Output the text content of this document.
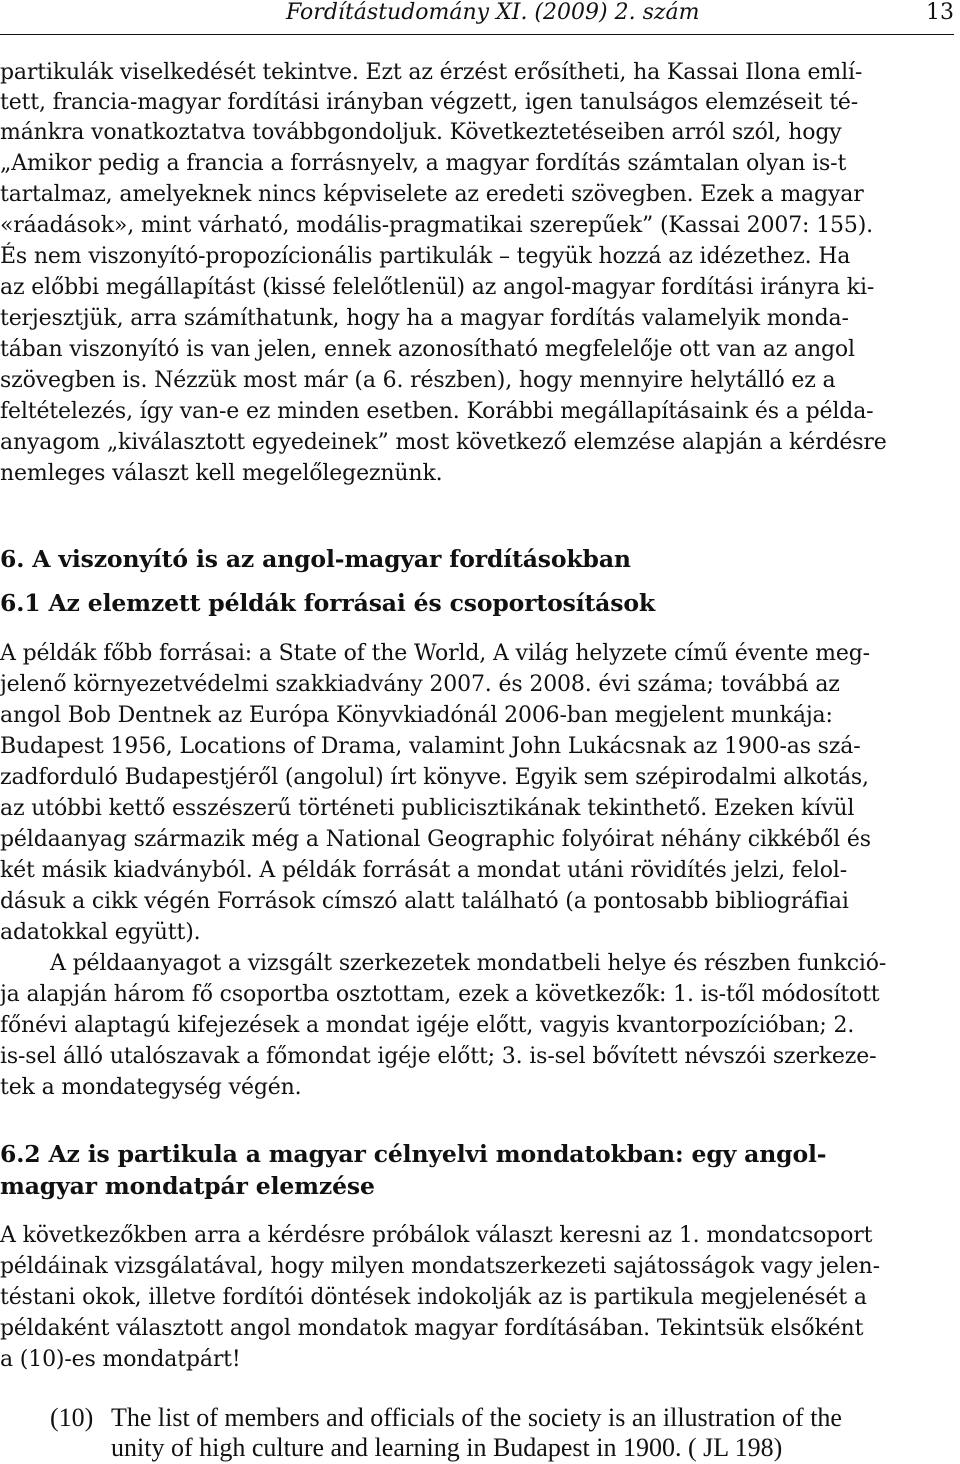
Fordítástudomány XI. (2009) 2. szám	13
partikulák viselkedését tekintve. Ezt az érzést erősítheti, ha Kassai Ilona emlí-
tett, francia-magyar fordítási irányban végzett, igen tanulságos elemzéseit té-
mánkra vonatkoztatva továbbgondoljuk. Következtetéseiben arról szól, hogy
„Amikor pedig a francia a forrásnyelv, a magyar fordítás számtalan olyan is-t
tartalmaz, amelyeknek nincs képviselete az eredeti szövegben. Ezek a magyar
«ráadások», mint várható, modális-pragmatikai szerepűek” (Kassai 2007: 155).
És nem viszonyító-propozícionális partikulák – tegyük hozzá az idézethez. Ha
az előbbi megállapítást (kissé felelőtlenül) az angol-magyar fordítási irányra ki-
terjesztjük, arra számíthatunk, hogy ha a magyar fordítás valamelyik monda-
tában viszonyító is van jelen, ennek azonosítható megfelelője ott van az angol
szövegben is. Nézzük most már (a 6. részben), hogy mennyire helytálló ez a
feltételezés, így van-e ez minden esetben. Korábbi megállapításaink és a példa-
anyagom „kiválasztott egyedeinek” most következő elemzése alapján a kérdésre
nemleges választ kell megelőlegeznünk.
6. A viszonyító is az angol-magyar fordításokban
6.1 Az elemzett példák forrásai és csoportosítások
A példák főbb forrásai: a State of the World, A világ helyzete című évente meg-
jelenő környezetvédelmi szakkiadvány 2007. és 2008. évi száma; továbbá az
angol Bob Dentnek az Európa Könyvkiadónál 2006-ban megjelent munkája:
Budapest 1956, Locations of Drama, valamint John Lukácsnak az 1900-as szá-
zadforduló Budapestjéről (angolul) írt könyve. Egyik sem szépirodalmi alkotás,
az utóbbi kettő esszészerű történeti publicisztikának tekinthető. Ezeken kívül
példaanyag származik még a National Geographic folyóirat néhány cikkéből és
két másik kiadványból. A példák forrását a mondat utáni rövidítés jelzi, felol-
dásuk a cikk végén Források címszó alatt található (a pontosabb bibliográfiai
adatokkal együtt).
A példaanyagot a vizsgált szerkezetek mondatbeli helye és részben funkció-
ja alapján három fő csoportba osztottam, ezek a következők: 1. is-től módosított
főnévi alaptagú kifejezések a mondat igéje előtt, vagyis kvantorpozícióban; 2.
is-sel álló utalószavak a főmondat igéje előtt; 3. is-sel bővített névszói szerkeze-
tek a mondategység végén.
6.2 Az is partikula a magyar célnyelvi mondatokban: egy angol-
magyar mondatpár elemzése
A következőkben arra a kérdésre próbálok választ keresni az 1. mondatcsoport
példáinak vizsgálatával, hogy milyen mondatszerkezeti sajátosságok vagy jelen-
téstani okok, illetve fordítói döntések indokolják az is partikula megjelenését a
példaként választott angol mondatok magyar fordításában. Tekintsük elsőként
a (10)-es mondatpárt!
(10) The list of members and officials of the society is an illustration of the
unity of high culture and learning in Budapest in 1900. ( JL 198)
